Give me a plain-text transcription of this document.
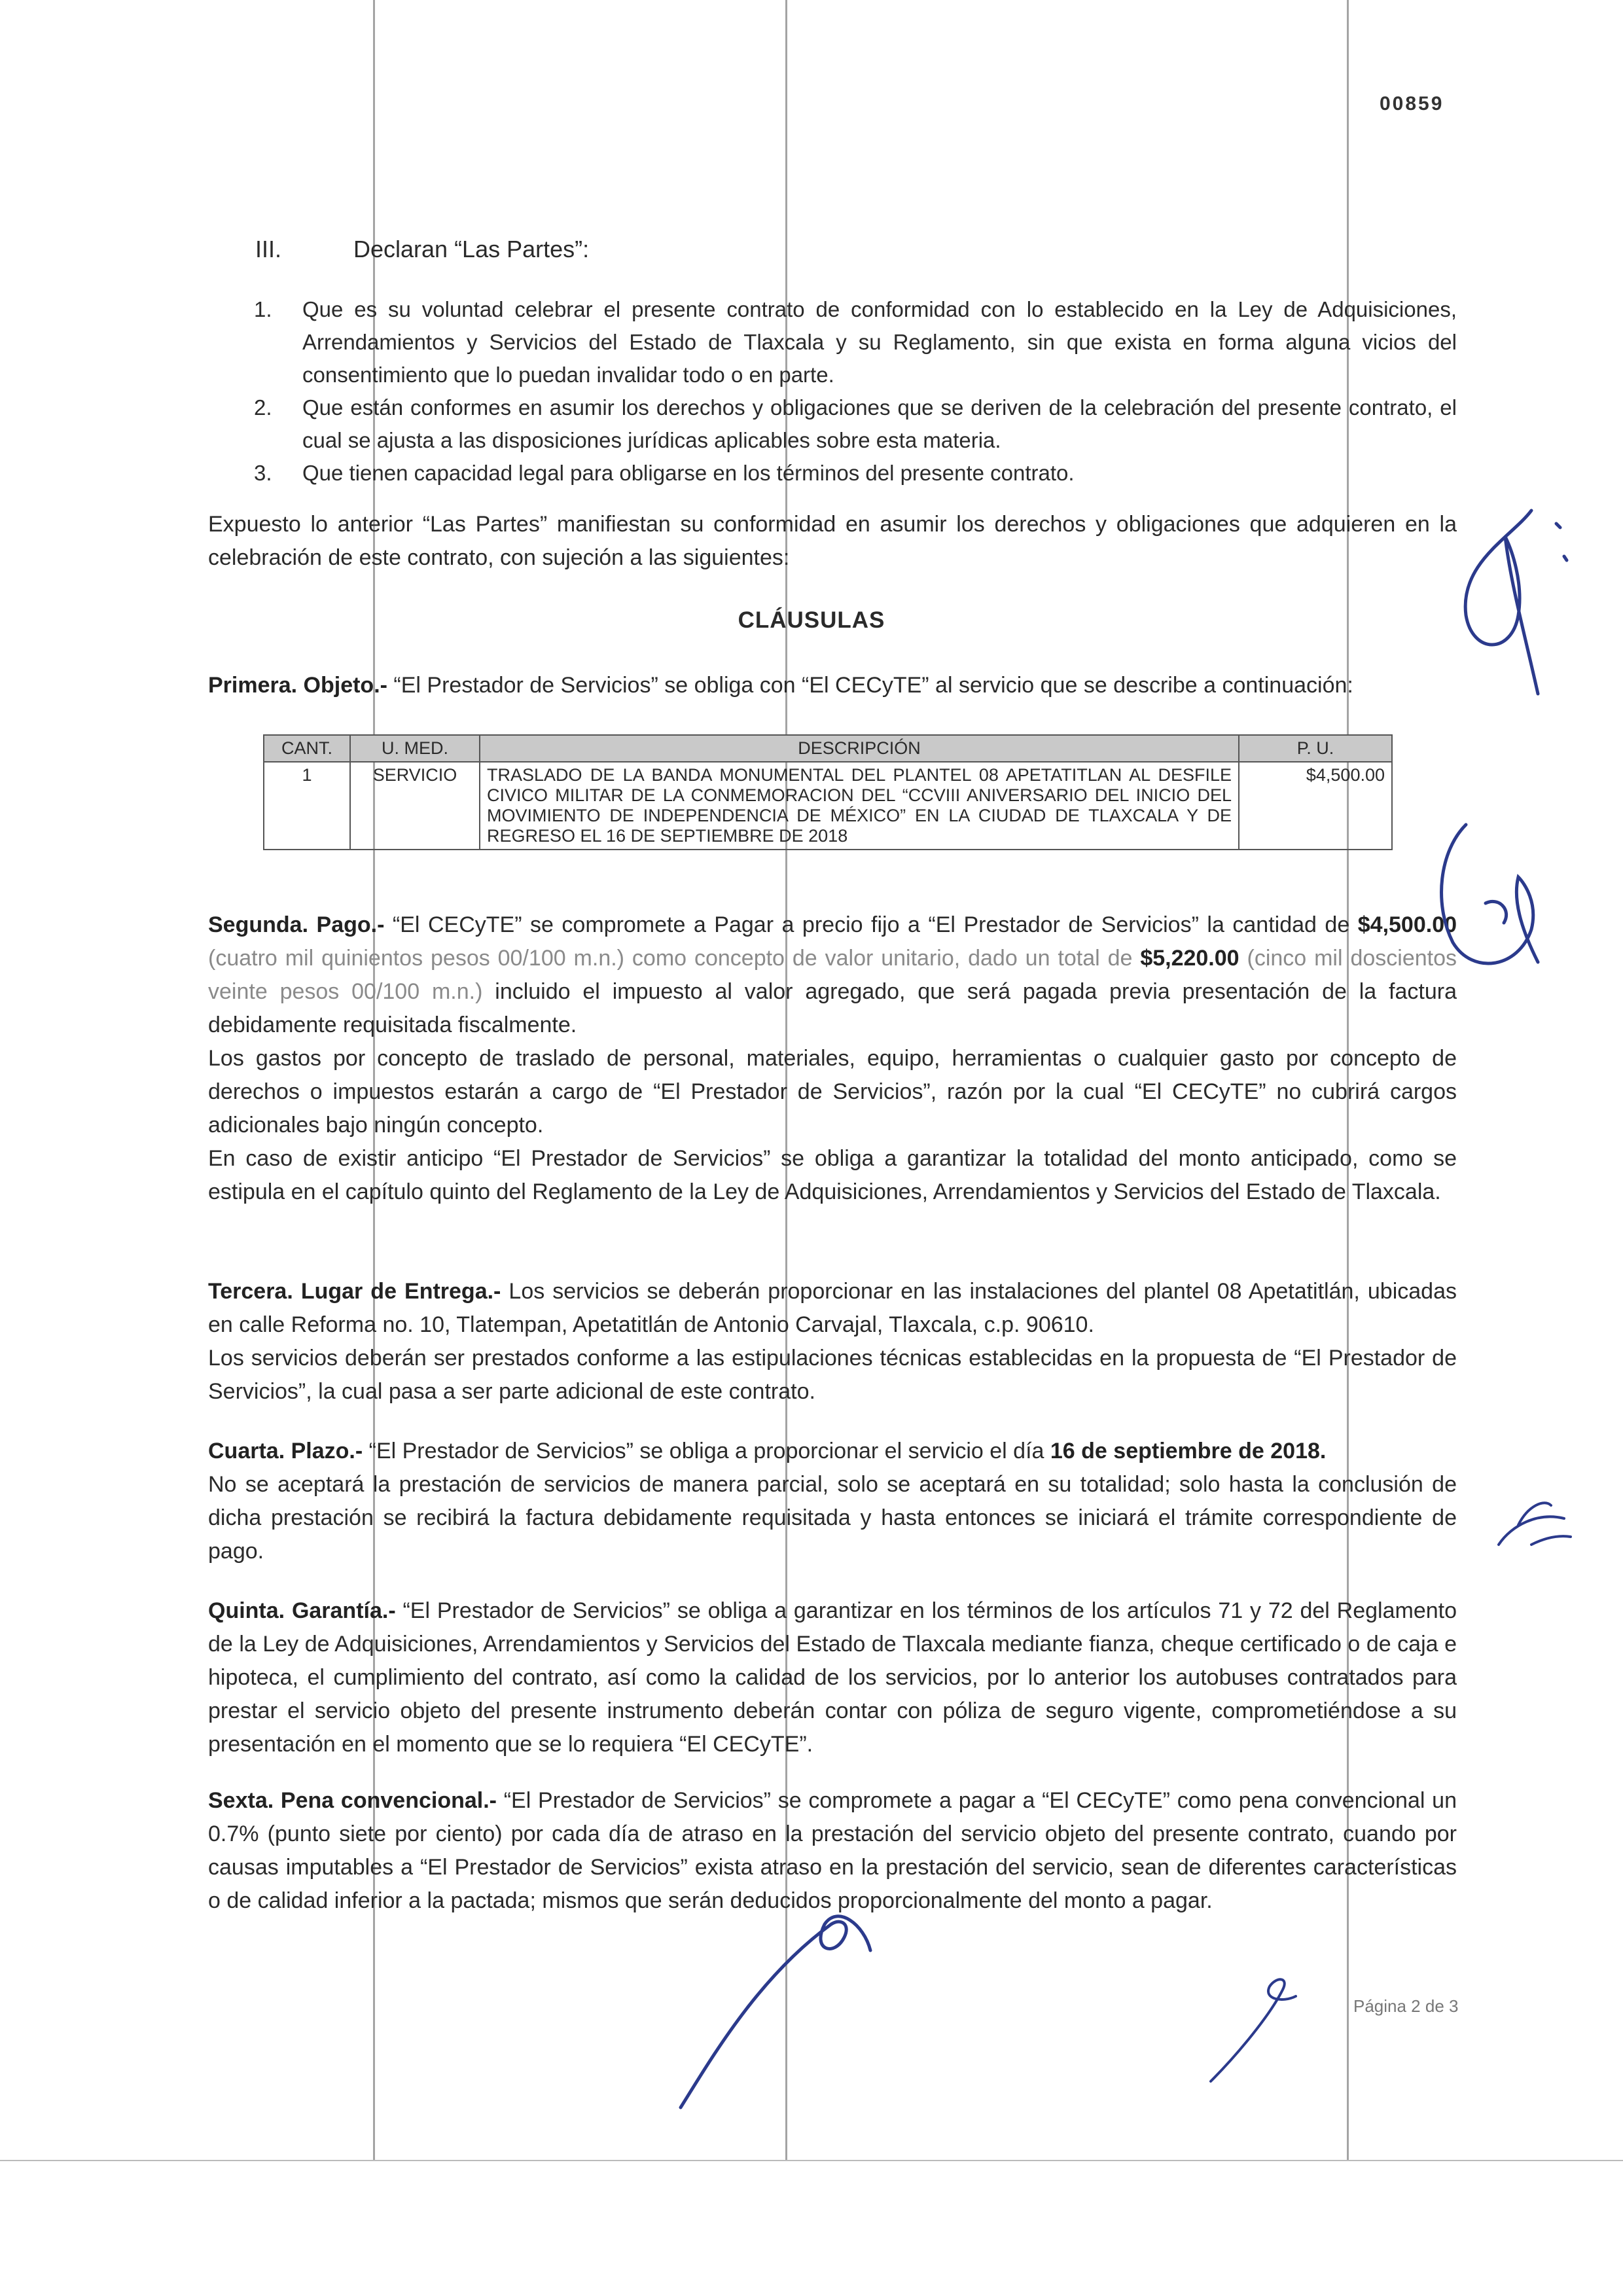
00859
III.	Declaran “Las Partes”:
1. Que es su voluntad celebrar el presente contrato de conformidad con lo establecido en la Ley de Adquisiciones, Arrendamientos y Servicios del Estado de Tlaxcala y su Reglamento, sin que exista en forma alguna vicios del consentimiento que lo puedan invalidar todo o en parte.
2. Que están conformes en asumir los derechos y obligaciones que se deriven de la celebración del presente contrato, el cual se ajusta a las disposiciones jurídicas aplicables sobre esta materia.
3. Que tienen capacidad legal para obligarse en los términos del presente contrato.
Expuesto lo anterior “Las Partes” manifiestan su conformidad en asumir los derechos y obligaciones que adquieren en la celebración de este contrato, con sujeción a las siguientes:
CLÁUSULAS
Primera. Objeto.- “El Prestador de Servicios” se obliga con “El CECyTE” al servicio que se describe a continuación:
CANT.	U. MED.	DESCRIPCIÓN	P. U.
1	SERVICIO	TRASLADO DE LA BANDA MONUMENTAL DEL PLANTEL 08 APETATITLAN AL DESFILE CIVICO MILITAR DE LA CONMEMORACION DEL “CCVIII ANIVERSARIO DEL INICIO DEL MOVIMIENTO DE INDEPENDENCIA DE MÉXICO” EN LA CIUDAD DE TLAXCALA Y DE REGRESO EL 16 DE SEPTIEMBRE DE 2018	$4,500.00
Segunda. Pago.- “El CECyTE” se compromete a Pagar a precio fijo a “El Prestador de Servicios” la cantidad de $4,500.00 (cuatro mil quinientos pesos 00/100 m.n.) como concepto de valor unitario, dado un total de $5,220.00 (cinco mil doscientos veinte pesos 00/100 m.n.) incluido el impuesto al valor agregado, que será pagada previa presentación de la factura debidamente requisitada fiscalmente.
Los gastos por concepto de traslado de personal, materiales, equipo, herramientas o cualquier gasto por concepto de derechos o impuestos estarán a cargo de “El Prestador de Servicios”, razón por la cual “El CECyTE” no cubrirá cargos adicionales bajo ningún concepto.
En caso de existir anticipo “El Prestador de Servicios” se obliga a garantizar la totalidad del monto anticipado, como se estipula en el capítulo quinto del Reglamento de la Ley de Adquisiciones, Arrendamientos y Servicios del Estado de Tlaxcala.
Tercera. Lugar de Entrega.- Los servicios se deberán proporcionar en las instalaciones del plantel 08 Apetatitlán, ubicadas en calle Reforma no. 10, Tlatempan, Apetatitlán de Antonio Carvajal, Tlaxcala, c.p. 90610.
Los servicios deberán ser prestados conforme a las estipulaciones técnicas establecidas en la propuesta de “El Prestador de Servicios”, la cual pasa a ser parte adicional de este contrato.
Cuarta. Plazo.- “El Prestador de Servicios” se obliga a proporcionar el servicio el día 16 de septiembre de 2018.
No se aceptará la prestación de servicios de manera parcial, solo se aceptará en su totalidad; solo hasta la conclusión de dicha prestación se recibirá la factura debidamente requisitada y hasta entonces se iniciará el trámite correspondiente de pago.
Quinta. Garantía.- “El Prestador de Servicios” se obliga a garantizar en los términos de los artículos 71 y 72 del Reglamento de la Ley de Adquisiciones, Arrendamientos y Servicios del Estado de Tlaxcala mediante fianza, cheque certificado o de caja e hipoteca, el cumplimiento del contrato, así como la calidad de los servicios, por lo anterior los autobuses contratados para prestar el servicio objeto del presente instrumento deberán contar con póliza de seguro vigente, comprometiéndose a su presentación en el momento que se lo requiera “El CECyTE”.
Sexta. Pena convencional.- “El Prestador de Servicios” se compromete a pagar a “El CECyTE” como pena convencional un 0.7% (punto siete por ciento) por cada día de atraso en la prestación del servicio objeto del presente contrato, cuando por causas imputables a “El Prestador de Servicios” exista atraso en la prestación del servicio, sean de diferentes características o de calidad inferior a la pactada; mismos que serán deducidos proporcionalmente del monto a pagar.
Página 2 de 3
